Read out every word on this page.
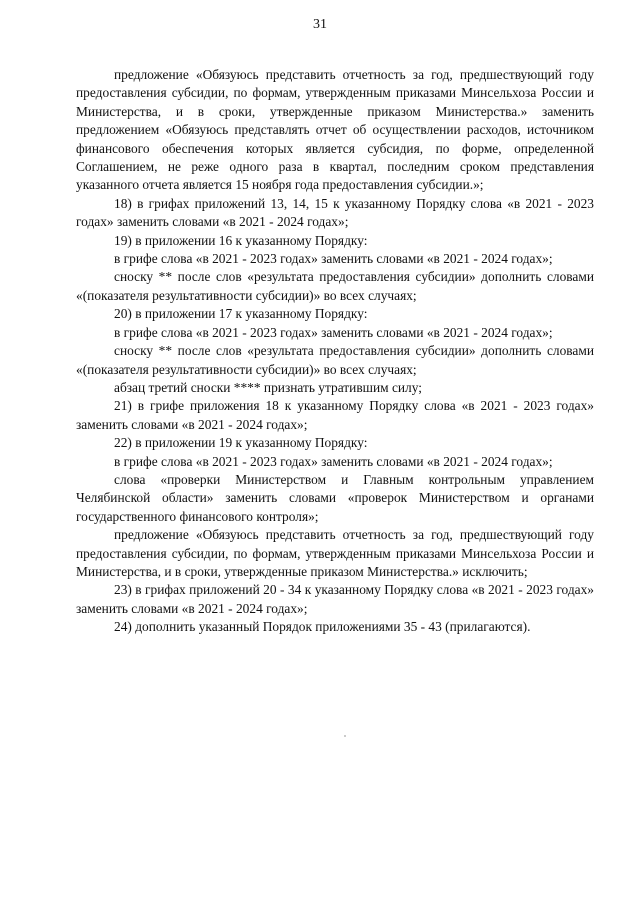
31

предложение «Обязуюсь представить отчетность за год, предшествующий году предоставления субсидии, по формам, утвержденным приказами Минсельхоза России и Министерства, и в сроки, утвержденные приказом Министерства.» заменить предложением «Обязуюсь представлять отчет об осуществлении расходов, источником финансового обеспечения которых является субсидия, по форме, определенной Соглашением, не реже одного раза в квартал, последним сроком представления указанного отчета является 15 ноября года предоставления субсидии.»;

18) в грифах приложений 13, 14, 15 к указанному Порядку слова «в 2021 - 2023 годах» заменить словами «в 2021 - 2024 годах»;

19) в приложении 16 к указанному Порядку:

в грифе слова «в 2021 - 2023 годах» заменить словами «в 2021 - 2024 годах»;

сноску ** после слов «результата предоставления субсидии» дополнить словами «(показателя результативности субсидии)» во всех случаях;

20) в приложении 17 к указанному Порядку:

в грифе слова «в 2021 - 2023 годах» заменить словами «в 2021 - 2024 годах»;

сноску ** после слов «результата предоставления субсидии» дополнить словами «(показателя результативности субсидии)» во всех случаях;

абзац третий сноски **** признать утратившим силу;

21) в грифе приложения 18 к указанному Порядку слова «в 2021 - 2023 годах» заменить словами «в 2021 - 2024 годах»;

22) в приложении 19 к указанному Порядку:

в грифе слова «в 2021 - 2023 годах» заменить словами «в 2021 - 2024 годах»;

слова «проверки Министерством и Главным контрольным управлением Челябинской области» заменить словами «проверок Министерством и органами государственного финансового контроля»;

предложение «Обязуюсь представить отчетность за год, предшествующий году предоставления субсидии, по формам, утвержденным приказами Минсельхоза России и Министерства, и в сроки, утвержденные приказом Министерства.» исключить;

23) в грифах приложений 20 - 34 к указанному Порядку слова «в 2021 - 2023 годах» заменить словами «в 2021 - 2024 годах»;

24) дополнить указанный Порядок приложениями 35 - 43 (прилагаются).
